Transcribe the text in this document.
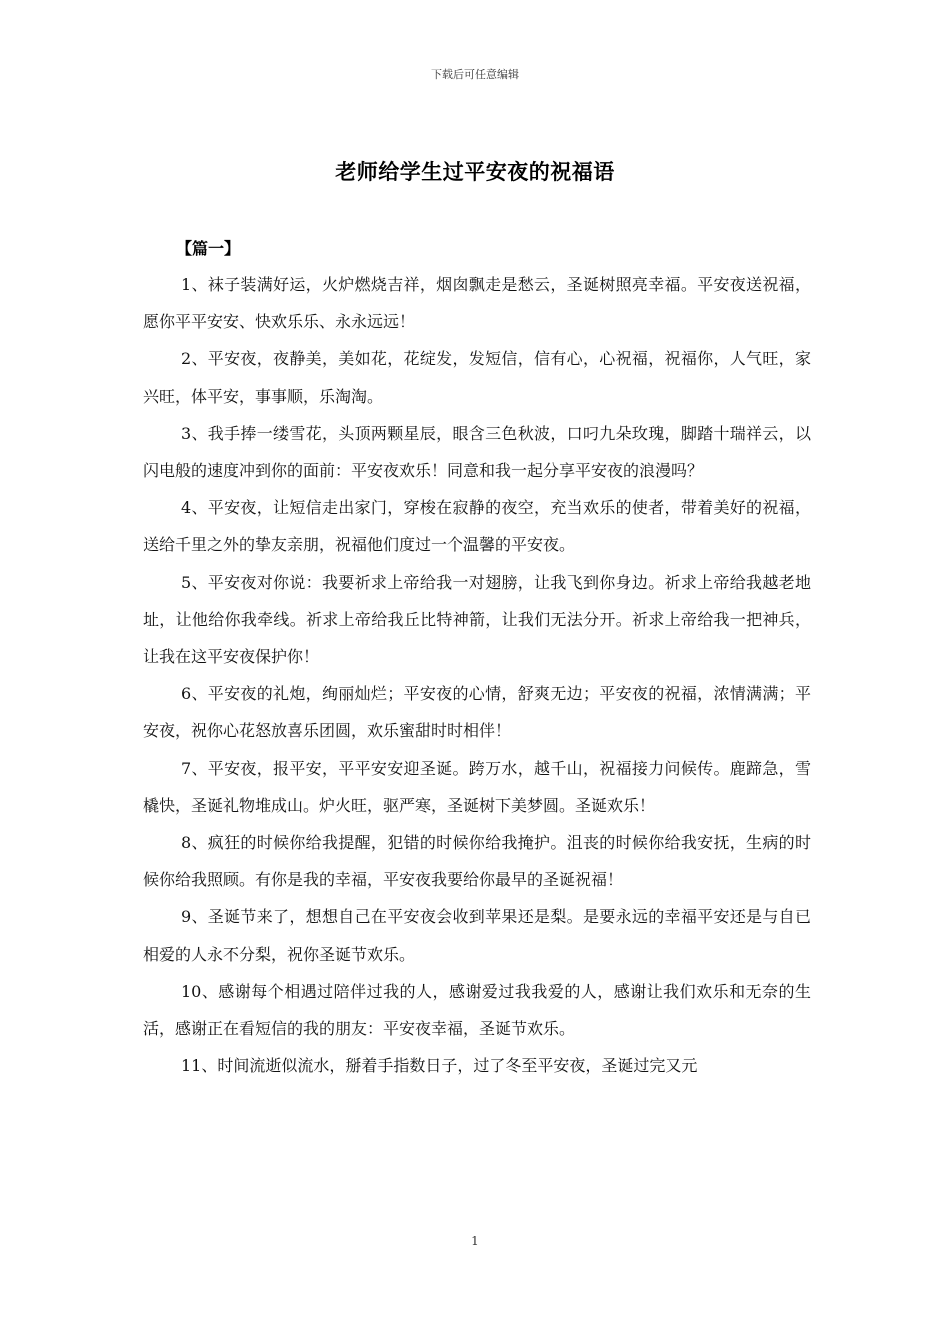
下载后可任意编辑
老师给学生过平安夜的祝福语
【篇一】

1、袜子装满好运，火炉燃烧吉祥，烟囱飘走是愁云，圣诞树照亮幸福。平安夜送祝福，愿你平平安安、快欢乐乐、永永远远！

2、平安夜，夜静美，美如花，花绽发，发短信，信有心，心祝福，祝福你，人气旺，家兴旺，体平安，事事顺，乐淘淘。

3、我手捧一缕雪花，头顶两颗星辰，眼含三色秋波，口叼九朵玫瑰，脚踏十瑞祥云，以闪电般的速度冲到你的面前：平安夜欢乐！同意和我一起分享平安夜的浪漫吗？

4、平安夜，让短信走出家门，穿梭在寂静的夜空，充当欢乐的使者，带着美好的祝福，送给千里之外的挚友亲朋，祝福他们度过一个温馨的平安夜。

5、平安夜对你说：我要祈求上帝给我一对翅膀，让我飞到你身边。祈求上帝给我越老地址，让他给你我牵线。祈求上帝给我丘比特神箭，让我们无法分开。祈求上帝给我一把神兵，让我在这平安夜保护你！

6、平安夜的礼炮，绚丽灿烂；平安夜的心情，舒爽无边；平安夜的祝福，浓情满满；平安夜，祝你心花怒放喜乐团圆，欢乐蜜甜时时相伴！

7、平安夜，报平安，平平安安迎圣诞。跨万水，越千山，祝福接力问候传。鹿蹄急，雪橇快，圣诞礼物堆成山。炉火旺，驱严寒，圣诞树下美梦圆。圣诞欢乐！

8、疯狂的时候你给我提醒，犯错的时候你给我掩护。沮丧的时候你给我安抚，生病的时候你给我照顾。有你是我的幸福，平安夜我要给你最早的圣诞祝福！

9、圣诞节来了，想想自己在平安夜会收到苹果还是梨。是要永远的幸福平安还是与自已相爱的人永不分梨，祝你圣诞节欢乐。

10、感谢每个相遇过陪伴过我的人，感谢爱过我我爱的人，感谢让我们欢乐和无奈的生活，感谢正在看短信的我的朋友：平安夜幸福，圣诞节欢乐。

11、时间流逝似流水，掰着手指数日子，过了冬至平安夜，圣诞过完又元

1
